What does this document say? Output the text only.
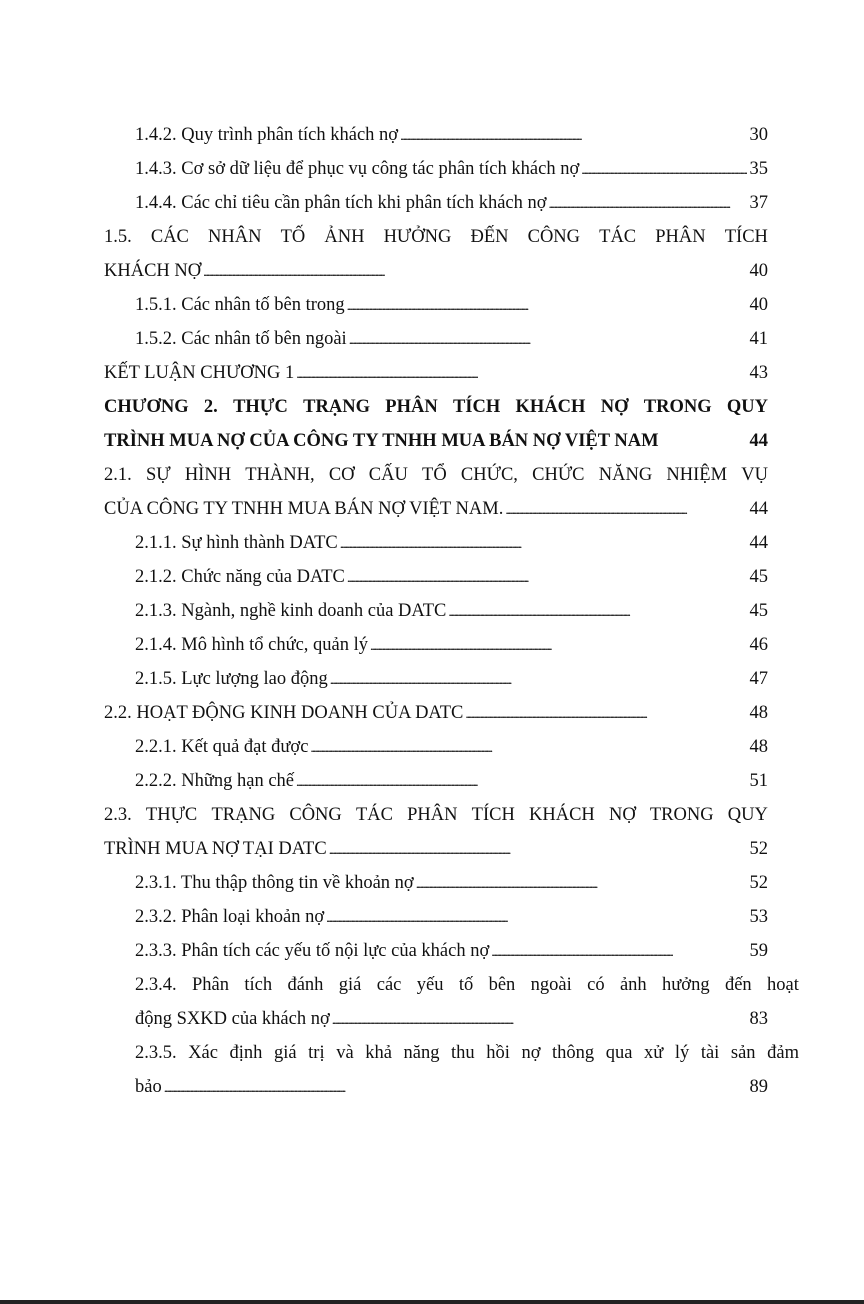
1.4.2. Quy trình phân tích khách nợ . . .	30
1.4.3. Cơ sở dữ liệu để phục vụ công tác phân tích khách nợ . . .	35
1.4.4. Các chỉ tiêu cần phân tích khi phân tích khách nợ . . .	37
1.5. CÁC NHÂN TỐ ẢNH HƯỞNG ĐẾN CÔNG TÁC PHÂN TÍCH
KHÁCH NỢ . . .	40
1.5.1. Các nhân tố bên trong . . .	40
1.5.2. Các nhân tố bên ngoài . . .	41
KẾT LUẬN CHƯƠNG 1 . . .	43
CHƯƠNG 2. THỰC TRẠNG PHÂN TÍCH KHÁCH NỢ TRONG QUY
TRÌNH MUA NỢ CỦA CÔNG TY TNHH MUA BÁN NỢ VIỆT NAM	44
2.1. SỰ HÌNH THÀNH, CƠ CẤU TỔ CHỨC, CHỨC NĂNG NHIỆM VỤ
CỦA CÔNG TY TNHH MUA BÁN NỢ VIỆT NAM. . . .	44
2.1.1. Sự hình thành DATC . . .	44
2.1.2. Chức năng của DATC . . .	45
2.1.3. Ngành, nghề kinh doanh của DATC . . .	45
2.1.4. Mô hình tổ chức, quản lý . . .	46
2.1.5. Lực lượng lao động . . .	47
2.2. HOẠT ĐỘNG KINH DOANH CỦA DATC . . .	48
2.2.1. Kết quả đạt được . . .	48
2.2.2. Những hạn chế . . .	51
2.3. THỰC TRẠNG CÔNG TÁC PHÂN TÍCH KHÁCH NỢ TRONG QUY
TRÌNH MUA NỢ TẠI DATC . . .	52
2.3.1. Thu thập thông tin về khoản nợ . . .	52
2.3.2. Phân loại khoản nợ . . .	53
2.3.3. Phân tích các yếu tố nội lực của khách nợ . . .	59
2.3.4. Phân tích đánh giá các yếu tố bên ngoài có ảnh hưởng đến hoạt
động SXKD của khách nợ . . .	83
2.3.5. Xác định giá trị và khả năng thu hồi nợ thông qua xử lý tài sản đảm
bảo . . .	89
